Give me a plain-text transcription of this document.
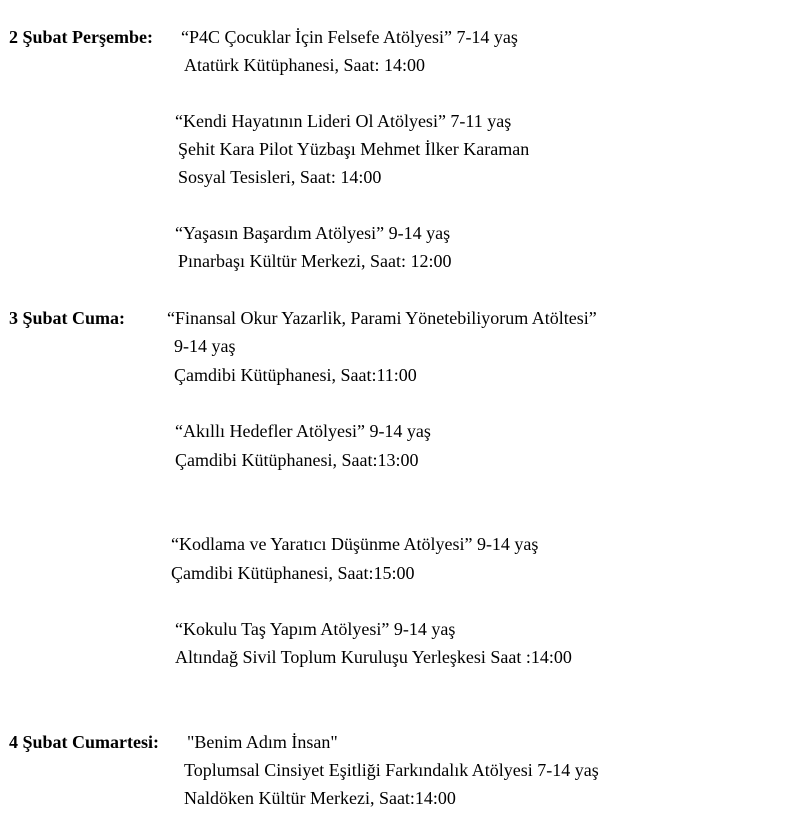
2 Şubat Perşembe: “P4C Çocuklar İçin Felsefe Atölyesi” 7-14 yaş
Atatürk Kütüphanesi, Saat: 14:00
“Kendi Hayatının Lideri Ol Atölyesi” 7-11 yaş
Şehit Kara Pilot Yüzbaşı Mehmet İlker Karaman
Sosyal Tesisleri, Saat: 14:00
“Yaşasın Başardım Atölyesi” 9-14 yaş
Pınarbaşı Kültür Merkezi, Saat: 12:00
3 Şubat Cuma: “Finansal Okur Yazarlik, Parami Yönetebiliyorum Atöltesi”
9-14 yaş
Çamdibi Kütüphanesi, Saat:11:00
“Akıllı Hedefler Atölyesi” 9-14 yaş
Çamdibi Kütüphanesi, Saat:13:00
“Kodlama ve Yaratıcı Düşünme Atölyesi” 9-14 yaş
Çamdibi Kütüphanesi, Saat:15:00
“Kokulu Taş Yapım Atölyesi” 9-14 yaş
Altındağ Sivil Toplum Kuruluşu Yerleşkesi Saat :14:00
4 Şubat Cumartesi: "Benim Adım İnsan"
Toplumsal Cinsiyet Eşitliği Farkındalık Atölyesi 7-14 yaş
Naldöken Kültür Merkezi, Saat:14:00
